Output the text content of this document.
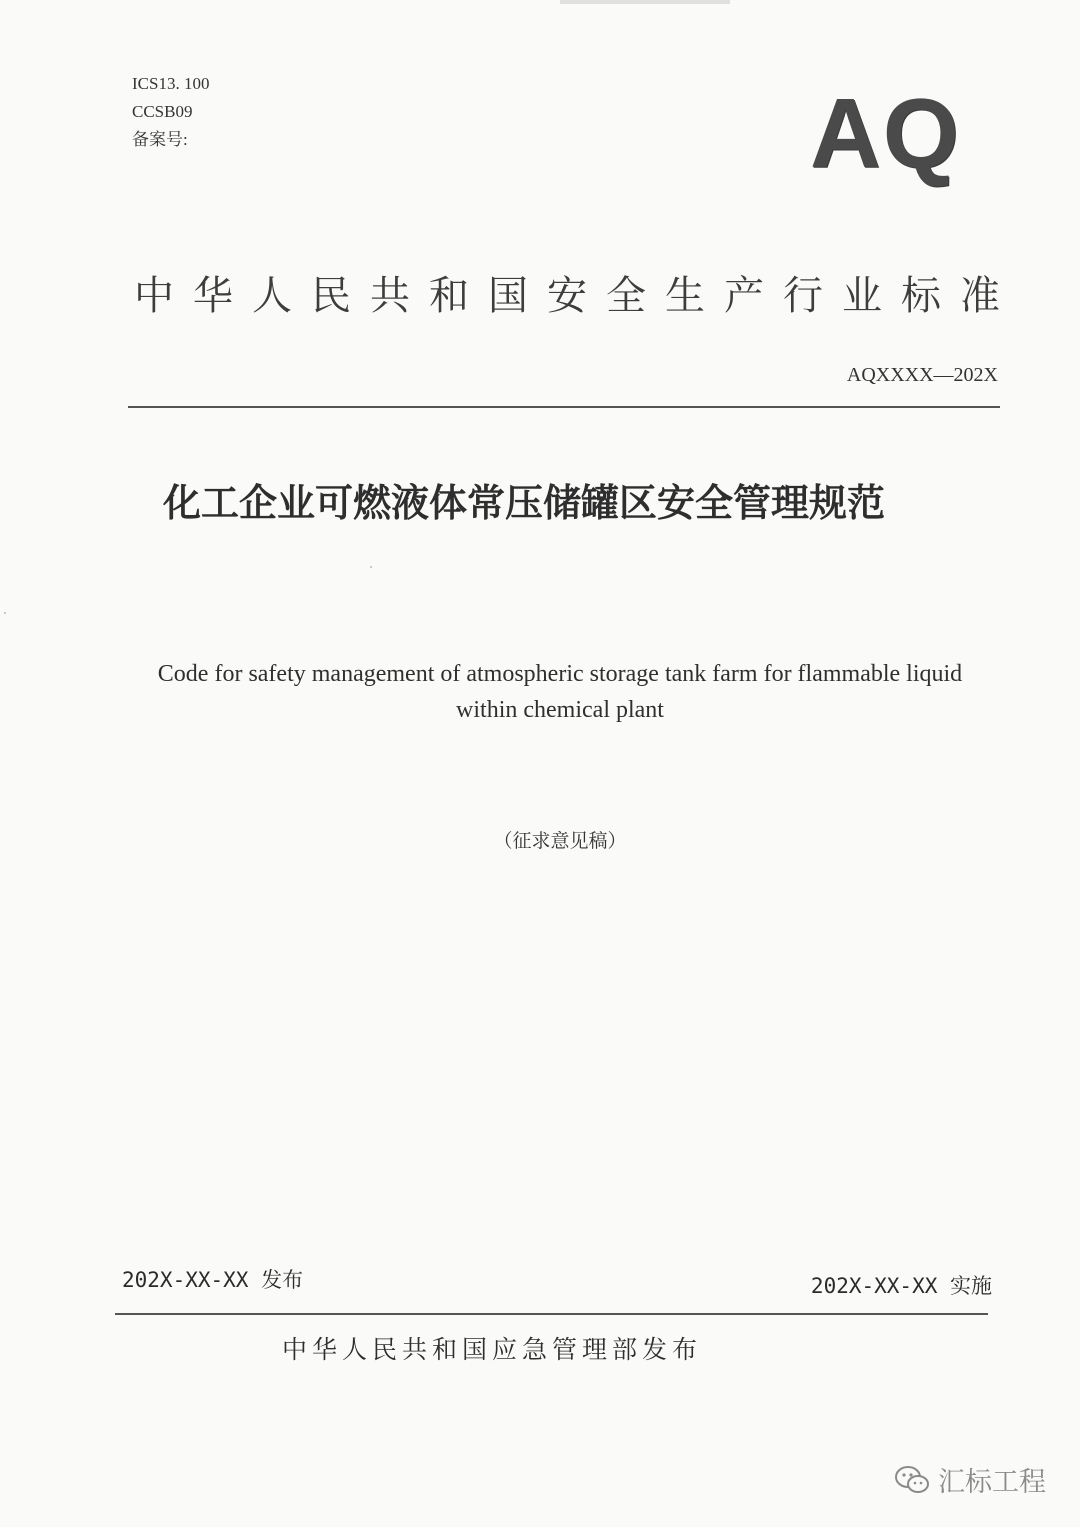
ICS13. 100
CCSB09
备案号:	AQ
中华人民共和国安全生产行业标准
AQXXXX—202X
化工企业可燃液体常压储罐区安全管理规范
Code for safety management of atmospheric storage tank farm for flammable liquid
within chemical plant
（征求意见稿）
202X-XX-XX 发布	202X-XX-XX 实施
中华人民共和国应急管理部发布
汇标工程
